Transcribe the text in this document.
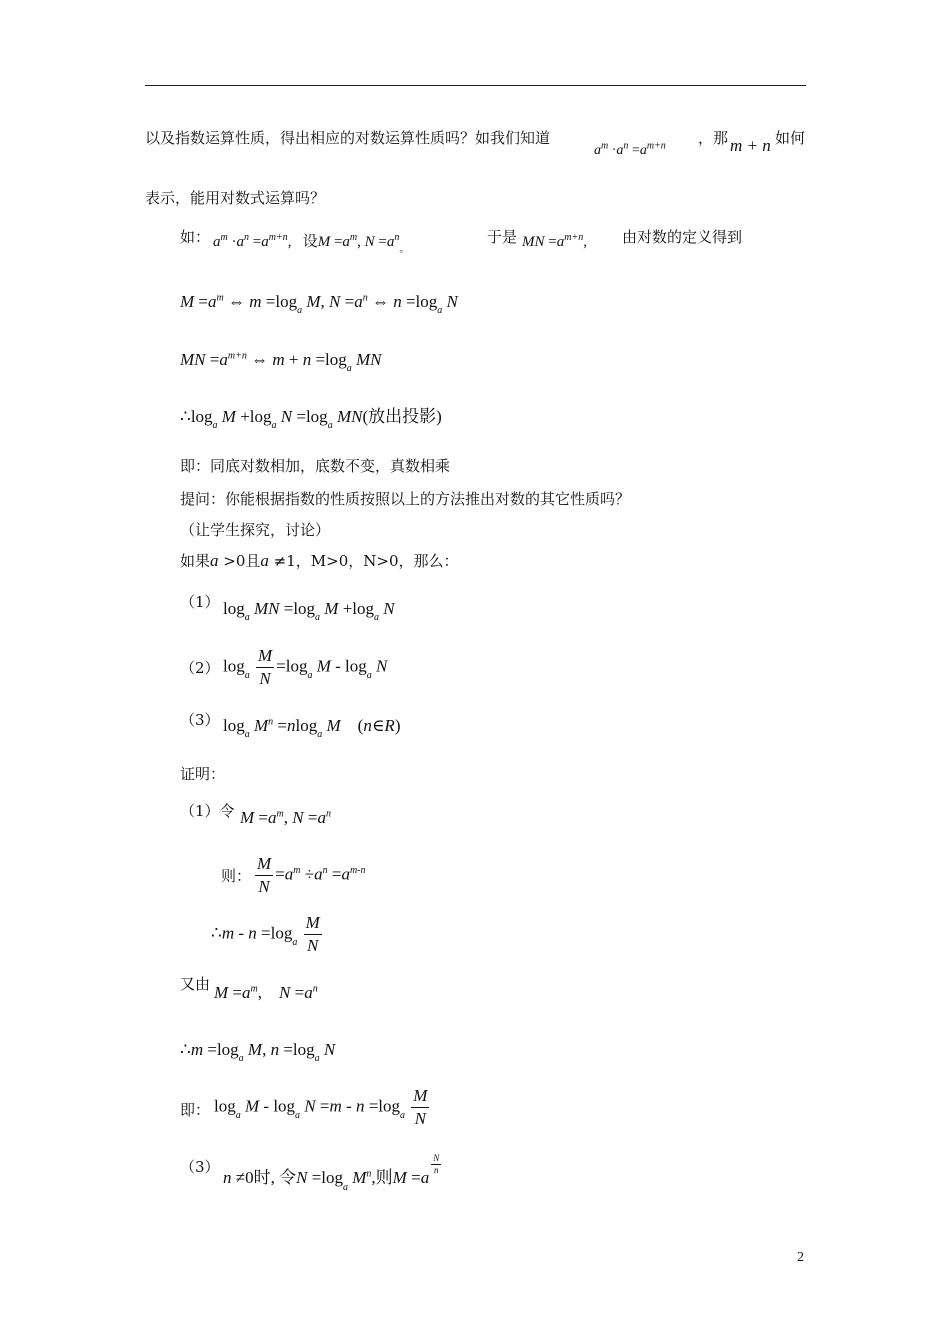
以及指数运算性质，得出相应的对数运算性质吗？如我们知道
$a^m \cdot a^n =a^{m+n}$ ，那 m + n 如何
表示，能用对数式运算吗？
如： $a^m \cdot a^n =a^{m+n}$,   设$M =a^m$, $N =a^n_。$
于是 MN $=a^{m+n}$, 由对数的定义得到
$M =a^m$ ⇔ $m =\log_a$ M, $N =a^n$ ⇔ $n =\log_a$ N
MN $=a^{m+n}$ ⇔ $m + n =\log_a$ MN
$\therefore\log_a$ $M +\log_a$ $N =\log_a$ MN(放出投影)
即：同底对数相加，底数不变，真数相乘
提问：你能根据指数的性质按照以上的方法推出对数的其它性质吗？
（让学生探究，讨论）
如果a >0且a ≠1，M>0，N>0，那么：
（1） $\log_a$ MN $=\log_a$ $M +\log_a$ N
（2） $\log_a \frac{M}{N} =\log_a$ M - $\log_a N$
（3） $\log_a M^n =nlog_a$ M    (n∈R)
证明：
（1）令 $M =a^m$, $N =a^n$
则： $\frac{M}{N} =a^m \div a^n =a^{m-n}$
∴m - $n =\log_a \frac{M}{N}$
又由 $M =a^m$,    $N =a^n$
∴m $=\log_a$ M, $n =\log_a$ N
即： $\log_a M - \log_a N =m - n =\log_a \frac{M}{N}$
（3）
n ≠0时, 令$N =\log_a$ $M^n$,则M =a
$^{\frac{N}{n}}$
2
